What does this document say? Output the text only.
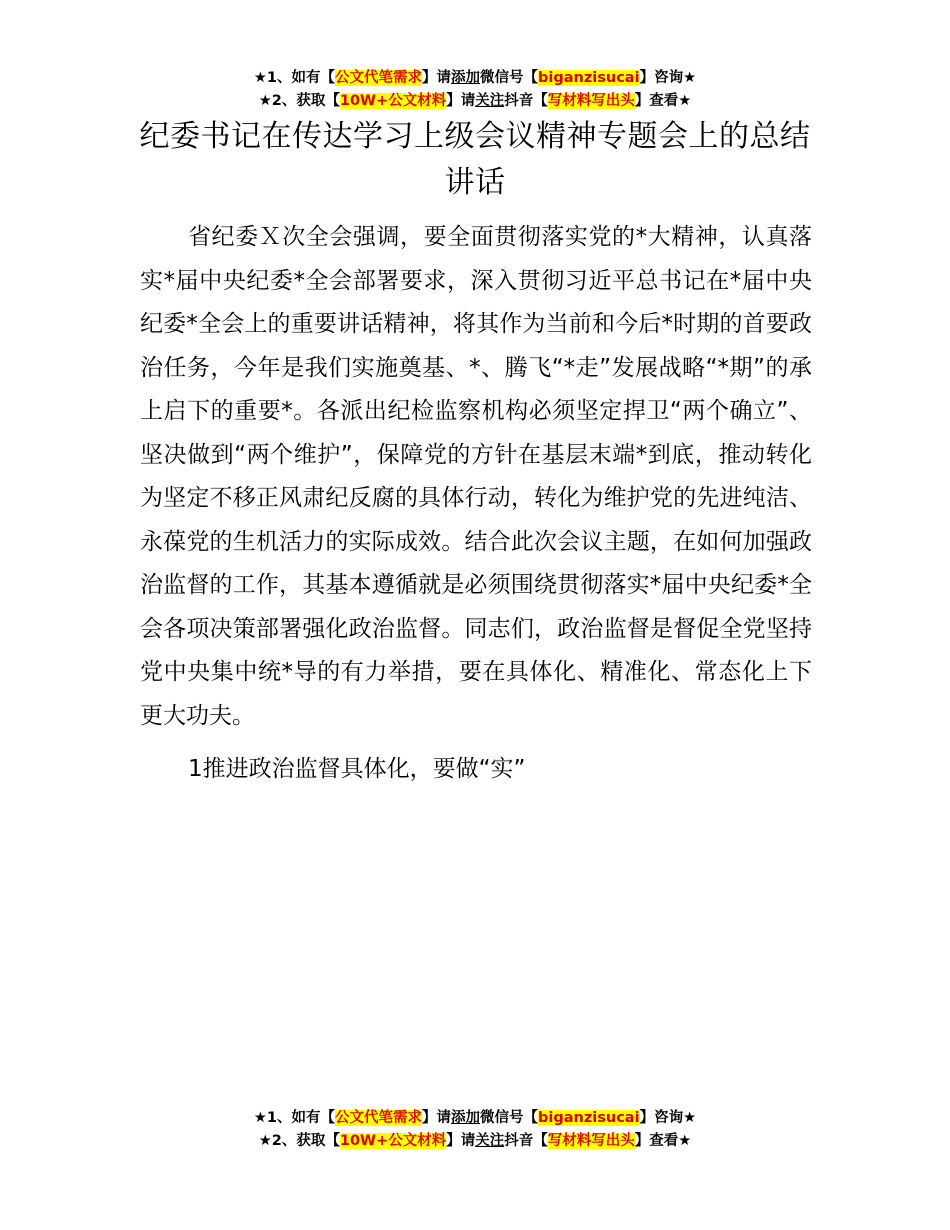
★1、如有【公文代笔需求】请添加微信号【biganzisucai】咨询★
★2、获取【10W+公文材料】请关注抖音【写材料写出头】查看★
纪委书记在传达学习上级会议精神专题会上的总结讲话

省纪委Ｘ次全会强调，要全面贯彻落实党的*大精神，认真落实*届中央纪委*全会部署要求，深入贯彻习近平总书记在*届中央纪委*全会上的重要讲话精神，将其作为当前和今后*时期的首要政治任务，今年是我们实施奠基、*、腾飞“*走”发展战略“*期”的承上启下的重要*。各派出纪检监察机构必须坚定捍卫“两个确立”、坚决做到“两个维护”，保障党的方针在基层末端*到底，推动转化为坚定不移正风肃纪反腐的具体行动，转化为维护党的先进纯洁、永葆党的生机活力的实际成效。结合此次会议主题，在如何加强政治监督的工作，其基本遵循就是必须围绕贯彻落实*届中央纪委*全会各项决策部署强化政治监督。同志们，政治监督是督促全党坚持党中央集中统*导的有力举措，要在具体化、精准化、常态化上下更大功夫。

1推进政治监督具体化，要做“实”

★1、如有【公文代笔需求】请添加微信号【biganzisucai】咨询★
★2、获取【10W+公文材料】请关注抖音【写材料写出头】查看★
